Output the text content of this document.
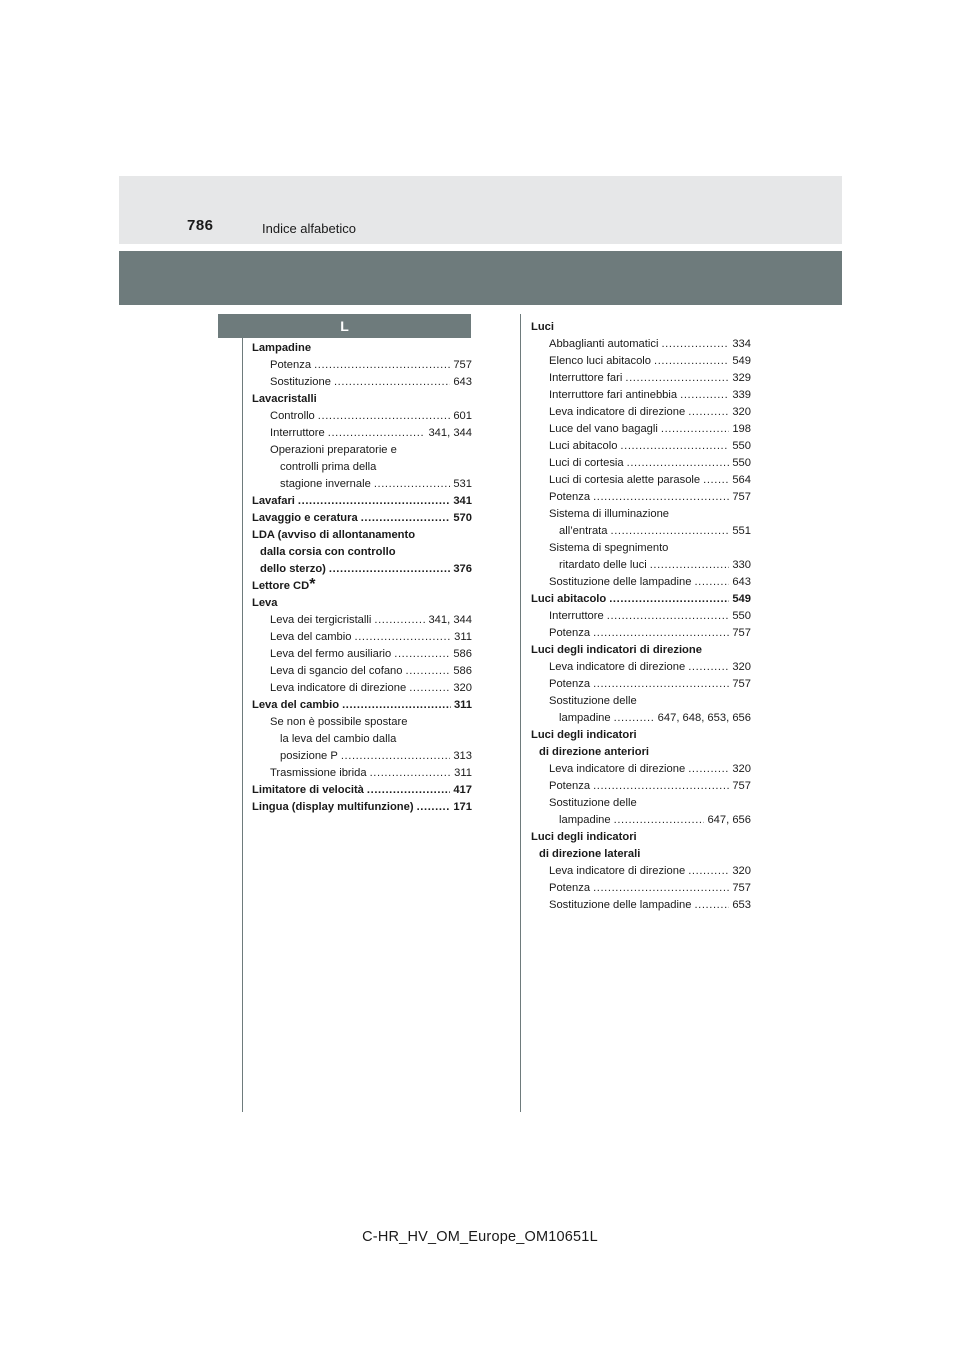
786	Indice alfabetico
L
Lampadine
Potenza .....	757
Sostituzione .....	643
Lavacristalli
Controllo .....	601
Interruttore .....	341, 344
Operazioni preparatorie e
controlli prima della
stagione invernale .....	531
Lavafari .....	341
Lavaggio e ceratura .....	570
LDA (avviso di allontanamento
dalla corsia con controllo
dello sterzo) .....	376
Lettore CD *
Leva
Leva dei tergicristalli .....	341, 344
Leva del cambio .....	311
Leva del fermo ausiliario .....	586
Leva di sgancio del cofano .....	586
Leva indicatore di direzione .....	320
Leva del cambio .....	311
Se non è possibile spostare
la leva del cambio dalla
posizione P .....	313
Trasmissione ibrida .....	311
Limitatore di velocità .....	417
Lingua (display multifunzione) .....	171
Luci
Abbaglianti automatici .....	334
Elenco luci abitacolo .....	549
Interruttore fari .....	329
Interruttore fari antinebbia .....	339
Leva indicatore di direzione .....	320
Luce del vano bagagli .....	198
Luci abitacolo .....	550
Luci di cortesia .....	550
Luci di cortesia alette parasole .....	564
Potenza .....	757
Sistema di illuminazione
all’entrata .....	551
Sistema di spegnimento
ritardato delle luci .....	330
Sostituzione delle lampadine .....	643
Luci abitacolo .....	549
Interruttore .....	550
Potenza .....	757
Luci degli indicatori di direzione
Leva indicatore di direzione .....	320
Potenza .....	757
Sostituzione delle
lampadine .....	647, 648, 653, 656
Luci degli indicatori
di direzione anteriori
Leva indicatore di direzione .....	320
Potenza .....	757
Sostituzione delle
lampadine .....	647, 656
Luci degli indicatori
di direzione laterali
Leva indicatore di direzione .....	320
Potenza .....	757
Sostituzione delle lampadine .....	653
C-HR_HV_OM_Europe_OM10651L
